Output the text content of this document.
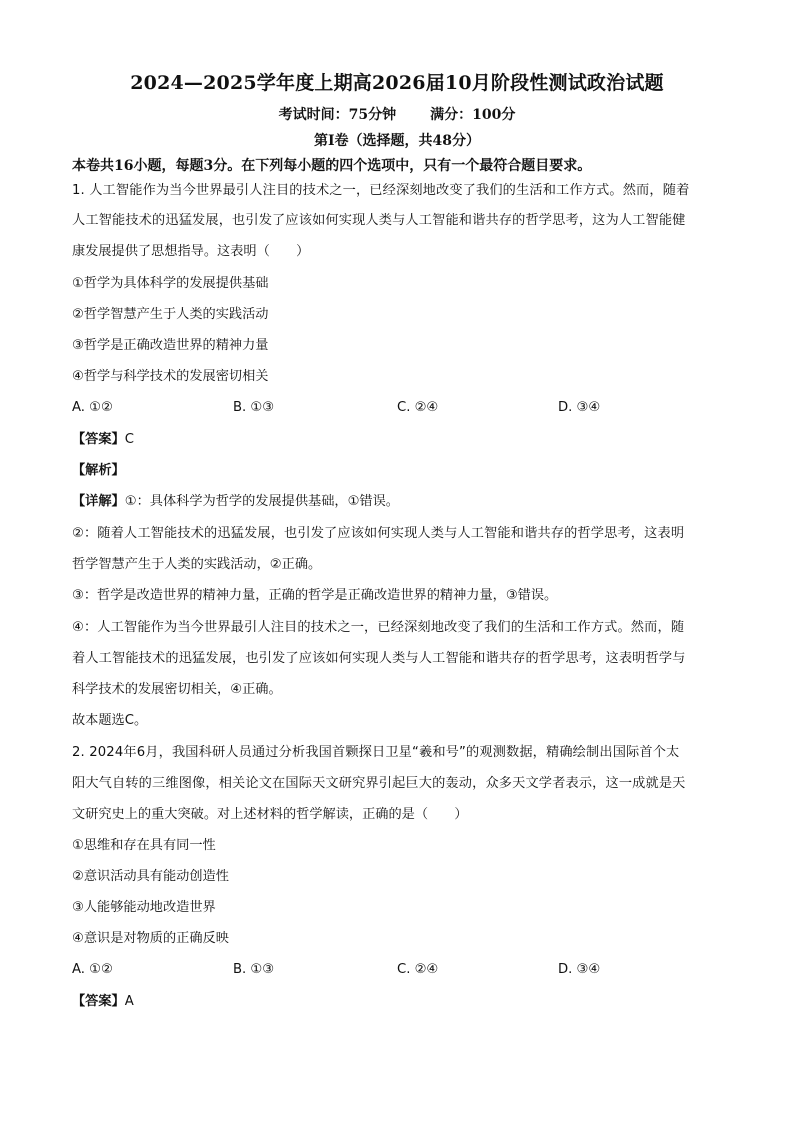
2024—2025学年度上期高2026届10月阶段性测试政治试题
考试时间：75分钟 满分：100分
第Ⅰ卷（选择题，共48分）
本卷共16小题，每题3分。在下列每小题的四个选项中，只有一个最符合题目要求。
1. 人工智能作为当今世界最引人注目的技术之一，已经深刻地改变了我们的生活和工作方式。然而，随着
人工智能技术的迅猛发展，也引发了应该如何实现人类与人工智能和谐共存的哲学思考，这为人工智能健
康发展提供了思想指导。这表明（　　）
①哲学为具体科学的发展提供基础
②哲学智慧产生于人类的实践活动
③哲学是正确改造世界的精神力量
④哲学与科学技术的发展密切相关
A. ①②	B. ①③	C. ②④	D. ③④
【答案】C
【解析】
【详解】①：具体科学为哲学的发展提供基础，①错误。
②：随着人工智能技术的迅猛发展，也引发了应该如何实现人类与人工智能和谐共存的哲学思考，这表明
哲学智慧产生于人类的实践活动，②正确。
③：哲学是改造世界的精神力量，正确的哲学是正确改造世界的精神力量，③错误。
④：人工智能作为当今世界最引人注目的技术之一，已经深刻地改变了我们的生活和工作方式。然而，随
着人工智能技术的迅猛发展，也引发了应该如何实现人类与人工智能和谐共存的哲学思考，这表明哲学与
科学技术的发展密切相关，④正确。
故本题选C。
2. 2024年6月，我国科研人员通过分析我国首颗探日卫星“羲和号”的观测数据，精确绘制出国际首个太
阳大气自转的三维图像，相关论文在国际天文研究界引起巨大的轰动，众多天文学者表示，这一成就是天
文研究史上的重大突破。对上述材料的哲学解读，正确的是（　　）
①思维和存在具有同一性
②意识活动具有能动创造性
③人能够能动地改造世界
④意识是对物质的正确反映
A. ①②	B. ①③	C. ②④	D. ③④
【答案】A
